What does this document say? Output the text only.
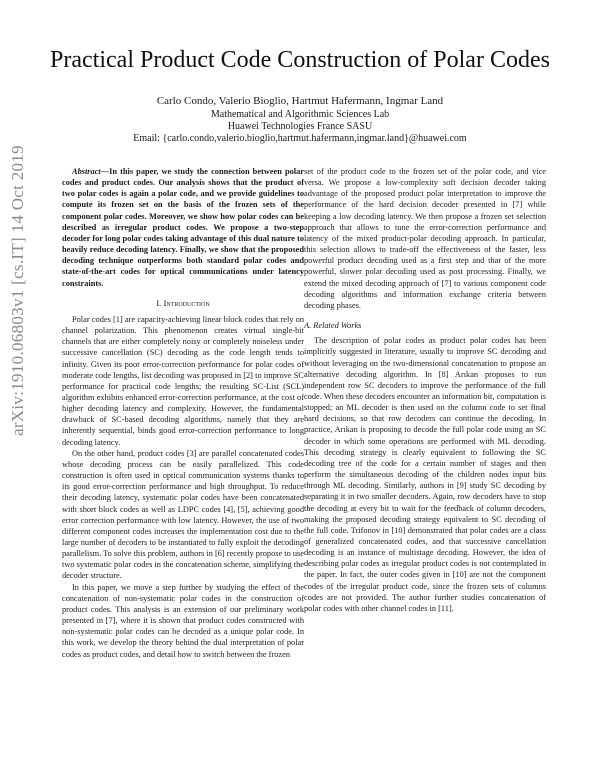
arXiv:1910.06803v1 [cs.IT] 14 Oct 2019
Practical Product Code Construction of Polar Codes
Carlo Condo, Valerio Bioglio, Hartmut Hafermann, Ingmar Land
Mathematical and Algorithmic Sciences Lab
Huawei Technologies France SASU
Email: {carlo.condo,valerio.bioglio,hartmut.hafermann,ingmar.land}@huawei.com

Abstract—In this paper, we study the connection between polar codes and product codes. Our analysis shows that the product of two polar codes is again a polar code, and we provide guidelines to compute its frozen set on the basis of the frozen sets of the component polar codes. Moreover, we show how polar codes can be described as irregular product codes. We propose a two-step decoder for long polar codes taking advantage of this dual nature to heavily reduce decoding latency. Finally, we show that the proposed decoding technique outperforms both standard polar codes and state-of-the-art codes for optical communications under latency constraints.

I. Introduction

Polar codes [1] are capacity-achieving linear block codes that rely on channel polarization. This phenomenon creates virtual single-bit channels that are either completely noisy or completely noiseless under successive cancellation (SC) decoding as the code length tends to infinity. Given its poor error-correction performance for polar codes of moderate code lengths, list decoding was proposed in [2] to improve SC performance for practical code lengths; the resulting SC-List (SCL) algorithm exhibits enhanced error-correction performance, at the cost of higher decoding latency and complexity. However, the fundamental drawback of SC-based decoding algorithms, namely that they are inherently sequential, binds good error-correction performance to long decoding latency.

On the other hand, product codes [3] are parallel concatenated codes whose decoding process can be easily parallelized. This code construction is often used in optical communication systems thanks to its good error-correction performance and high throughput. To reduce their decoding latency, systematic polar codes have been concatenated with short block codes as well as LDPC codes [4], [5], achieving good error correction performance with low latency. However, the use of two different component codes increases the implementation cost due to the large number of decoders to be instantiated to fully exploit the decoding parallelism. To solve this problem, authors in [6] recently propose to use two systematic polar codes in the concatenation scheme, simplifying the decoder structure.

In this paper, we move a step further by studying the effect of the concatenation of non-systematic polar codes in the construction of product codes. This analysis is an extension of our preliminary work presented in [7], where it is shown that product codes constructed with non-systematic polar codes can be decoded as a unique polar code. In this work, we develop the theory behind the dual interpretation of polar codes as product codes, and detail how to switch between the frozen

set of the product code to the frozen set of the polar code, and vice versa. We propose a low-complexity soft decision decoder taking advantage of the proposed product polar interpretation to improve the performance of the hard decision decoder presented in [7] while keeping a low decoding latency. We then propose a frozen set selection approach that allows to tune the error-correction performance and latency of the mixed product-polar decoding approach. In particular, this selection allows to trade-off the effectiveness of the faster, less powerful product decoding used as a first step and that of the more powerful, slower polar decoding used as post processing. Finally, we extend the mixed decoding approach of [7] to various component code decoding algorithms and information exchange criteria between decoding phases.

A. Related Works

The description of polar codes as product polar codes has been implicitly suggested in literature, usually to improve SC decoding and without leveraging on the two-dimensional concatenation to propose an alternative decoding algorithm. In [8] Arıkan proposes to run independent row SC decoders to improve the performance of the full code. When these decoders encounter an information bit, computation is stopped; an ML decoder is then used on the column code to set final hard decisions, so that row decoders can continue the decoding. In practice, Arıkan is proposing to decode the full polar code using an SC decoder in which some operations are performed with ML decoding. This decoding strategy is clearly equivalent to following the SC decoding tree of the code for a certain number of stages and then perform the simultaneous decoding of the children nodes input bits through ML decoding. Similarly, authors in [9] study SC decoding by separating it in two smaller decoders. Again, row decoders have to stop the decoding at every bit to wait for the feedback of column decoders, making the proposed decoding strategy equivalent to SC decoding of the full code. Trifonov in [10] demonstrated that polar codes are a class of generalized concatenated codes, and that successive cancellation decoding is an instance of multistage decoding. However, the idea of describing polar codes as irregular product codes is not contemplated in the paper. In fact, the outer codes given in [10] are not the component codes of the irregular product code, since the frozen sets of columns codes are not provided. The author further studies concatenation of polar codes with other channel codes in [11].
